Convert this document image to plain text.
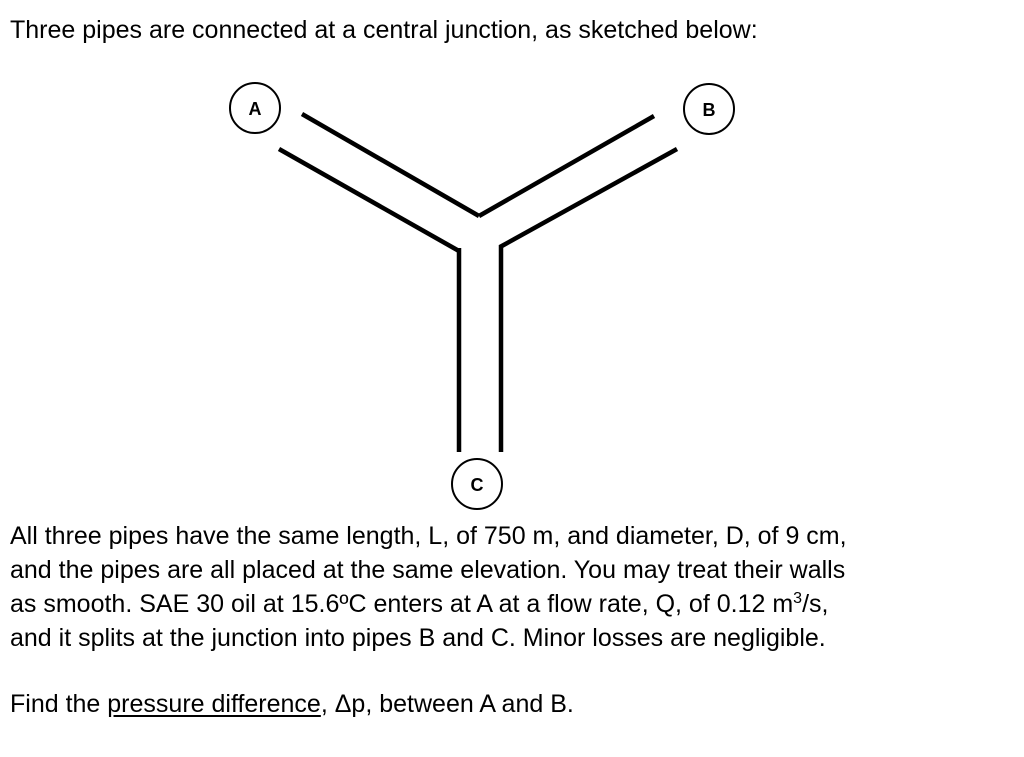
Three pipes are connected at a central junction, as sketched below:

A	B
C

All three pipes have the same length, L, of 750 m, and diameter, D, of 9 cm,
and the pipes are all placed at the same elevation. You may treat their walls
as smooth. SAE 30 oil at 15.6ºC enters at A at a flow rate, Q, of 0.12 $m^3/s$,
and it splits at the junction into pipes B and C. Minor losses are negligible.

Find the pressure difference, Δp, between A and B.
